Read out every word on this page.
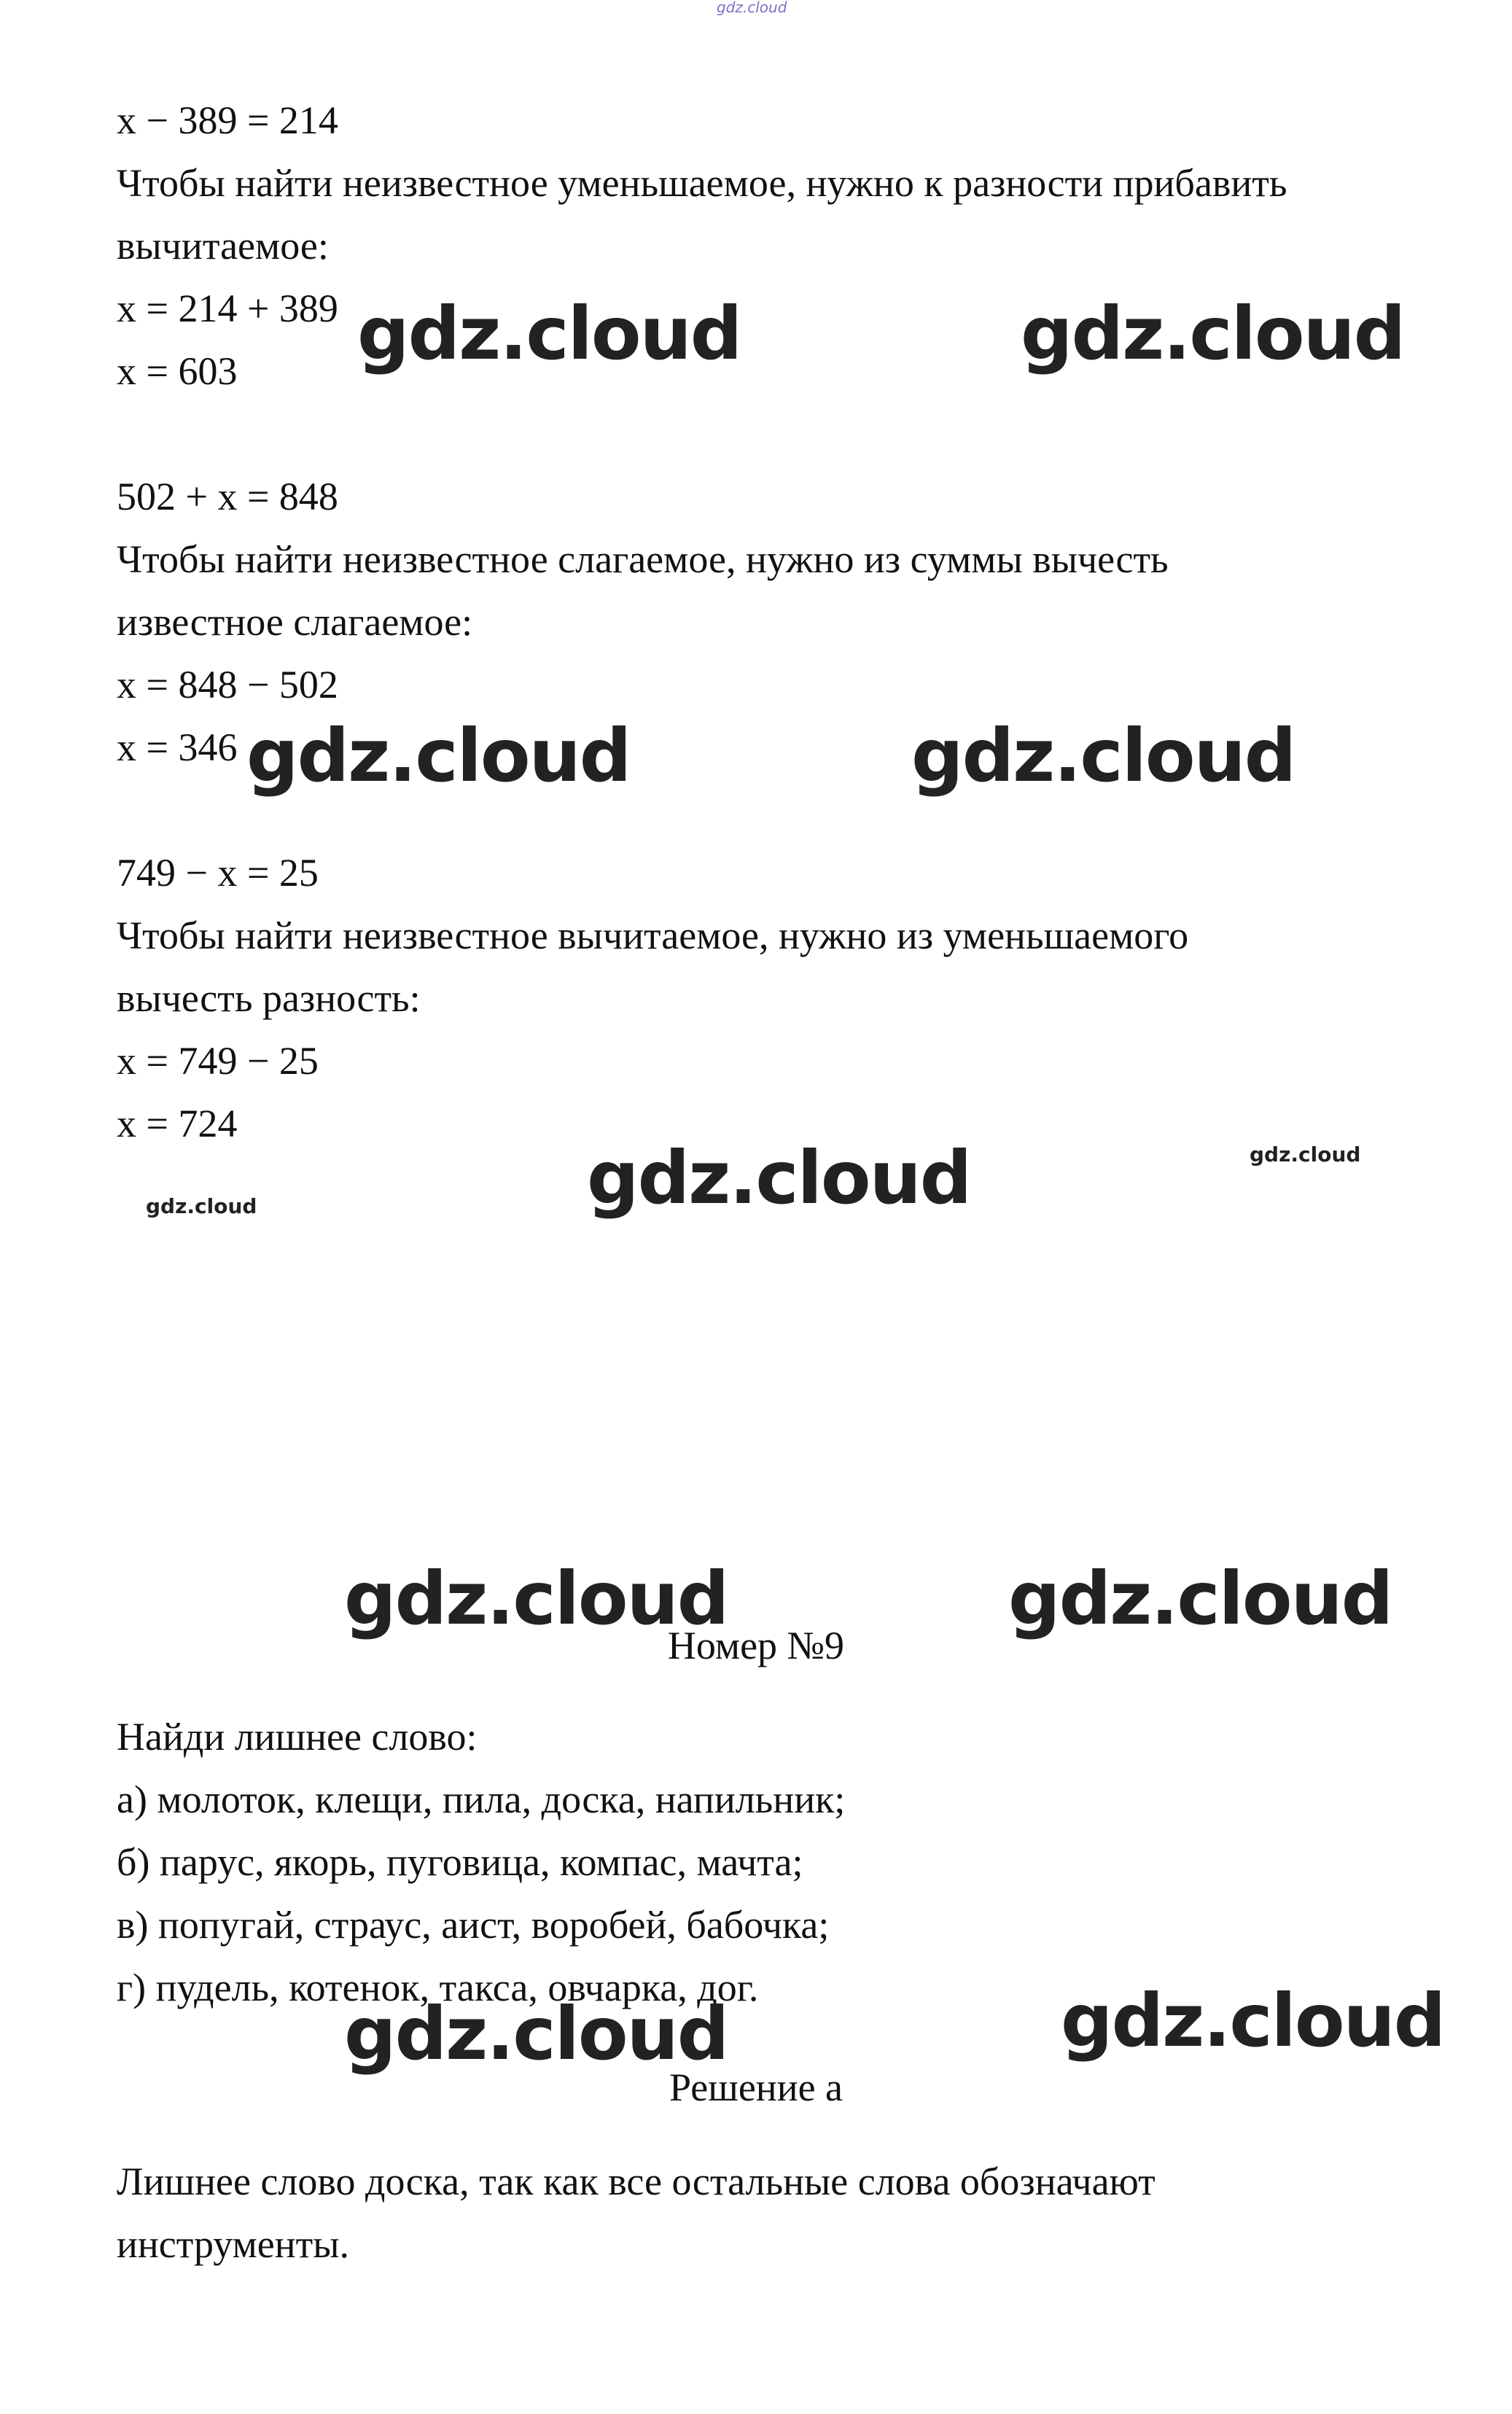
gdz.cloud

x − 389 = 214

Чтобы найти неизвестное уменьшаемое, нужно к разности прибавить

вычитаемое:

x = 214 + 389

x = 603 gdz.cloud	gdz.cloud

502 + x = 848

Чтобы найти неизвестное слагаемое, нужно из суммы вычесть

известное слагаемое:

x = 848 − 502

x = 346 gdz.cloud	gdz.cloud

749 − x = 25

Чтобы найти неизвестное вычитаемое, нужно из уменьшаемого

вычесть разность:

x = 749 − 25

x = 724

gdz.cloud
gdz.cloud
gdz.cloud
gdz.cloud	gdz.cloud

Номер №9

Найди лишнее слово:

а) молоток, клещи, пила, доска, напильник;

б) парус, якорь, пуговица, компас, мачта;

в) попугай, страус, аист, воробей, бабочка;

г) пудель, котенок, такса, овчарка, дог.

gdz.cloud	gdz.cloud

Решение а

Лишнее слово доска, так как все остальные слова обозначают

инструменты.
